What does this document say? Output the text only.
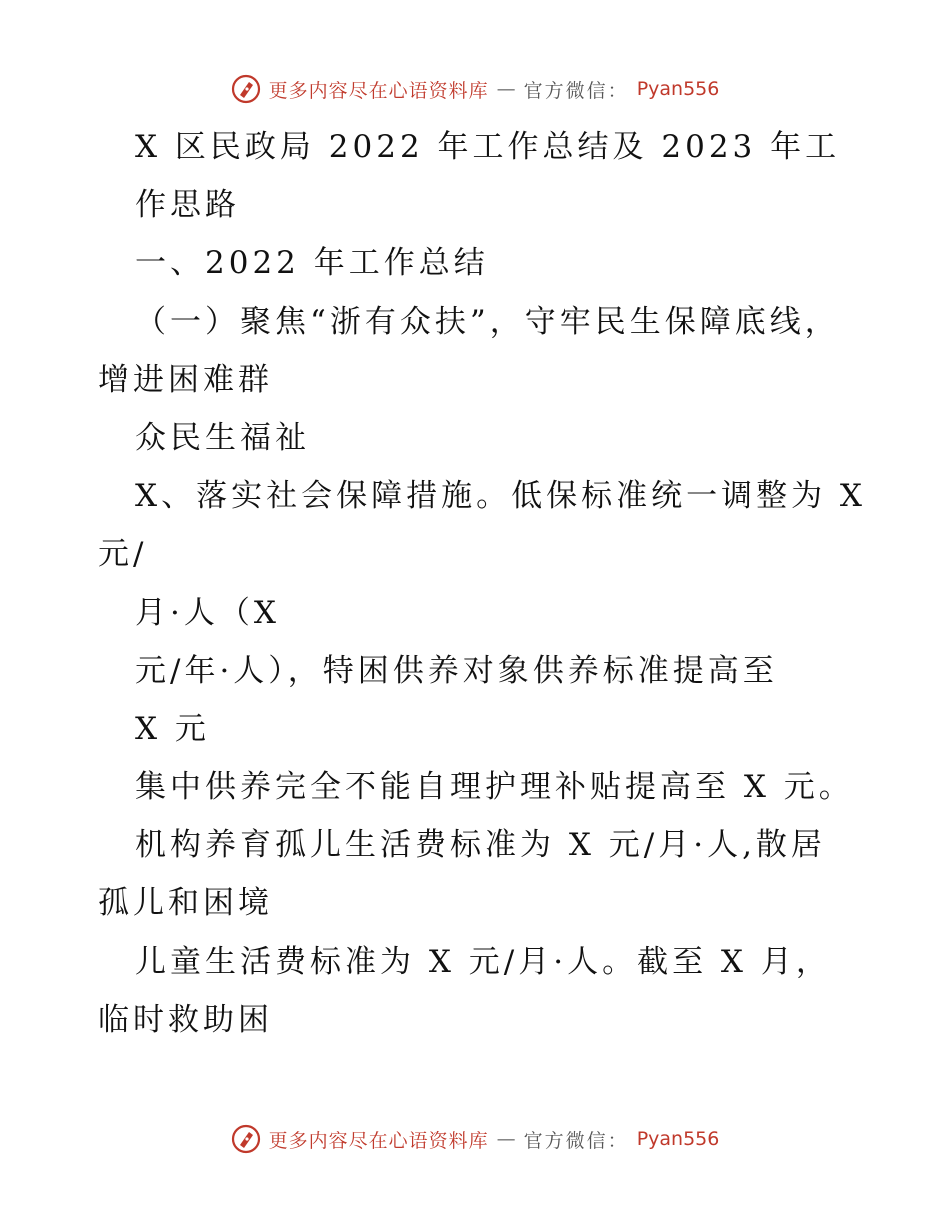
更多内容尽在心语资料库 — 官方微信： Pyan556
X 区民政局 2022 年工作总结及 2023 年工
作思路
一、2022 年工作总结
（一）聚焦“浙有众扶”，守牢民生保障底线，
增进困难群
众民生福祉
X、落实社会保障措施。低保标准统一调整为 X
元/
月·人（X
元/年·人），特困供养对象供养标准提高至
X 元
集中供养完全不能自理护理补贴提高至 X 元。
机构养育孤儿生活费标准为 X 元/月·人,散居
孤儿和困境
儿童生活费标准为 X 元/月·人。截至 X 月，
临时救助困
更多内容尽在心语资料库 — 官方微信： Pyan556
